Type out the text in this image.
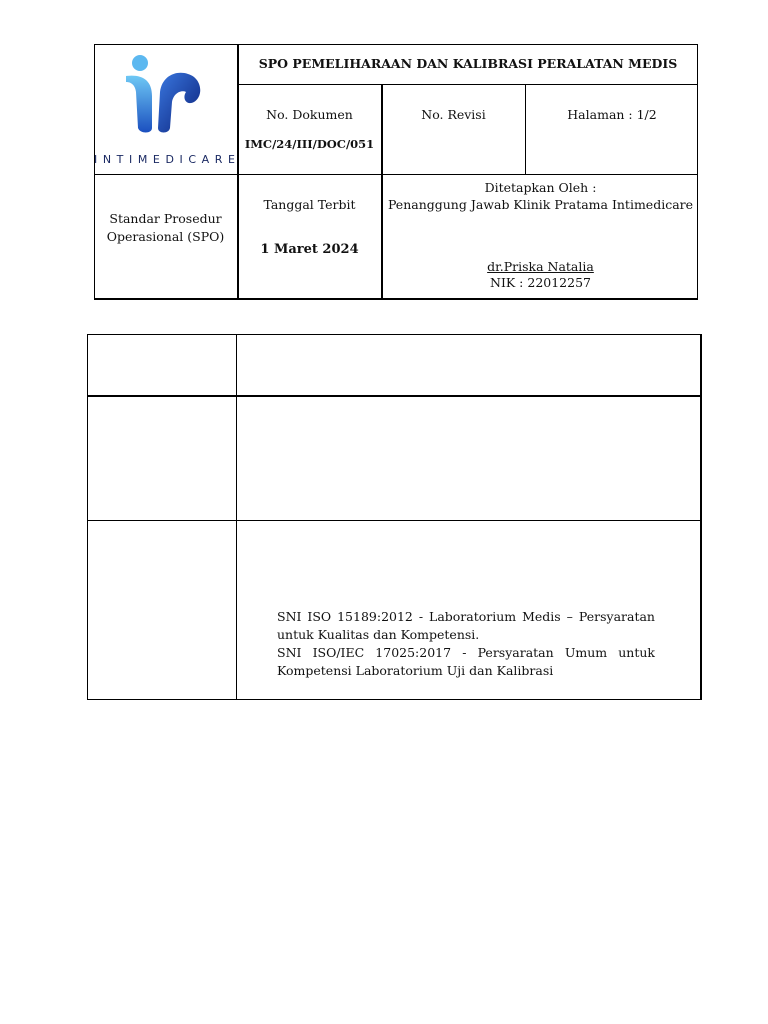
INTIMEDICARE
SPO PEMELIHARAAN DAN KALIBRASI PERALATAN MEDIS
No. Dokumen
IMC/24/III/DOC/051
No. Revisi	Halaman : 1/2
Standar Prosedur
Operasional (SPO)
Tanggal Terbit
1 Maret 2024
Ditetapkan Oleh :
Penanggung Jawab Klinik Pratama Intimedicare
dr.Priska Natalia
NIK : 22012257
SNI ISO 15189:2012 - Laboratorium Medis – Persyaratan untuk Kualitas dan Kompetensi.
SNI ISO/IEC 17025:2017 - Persyaratan Umum untuk Kompetensi Laboratorium Uji dan Kalibrasi
